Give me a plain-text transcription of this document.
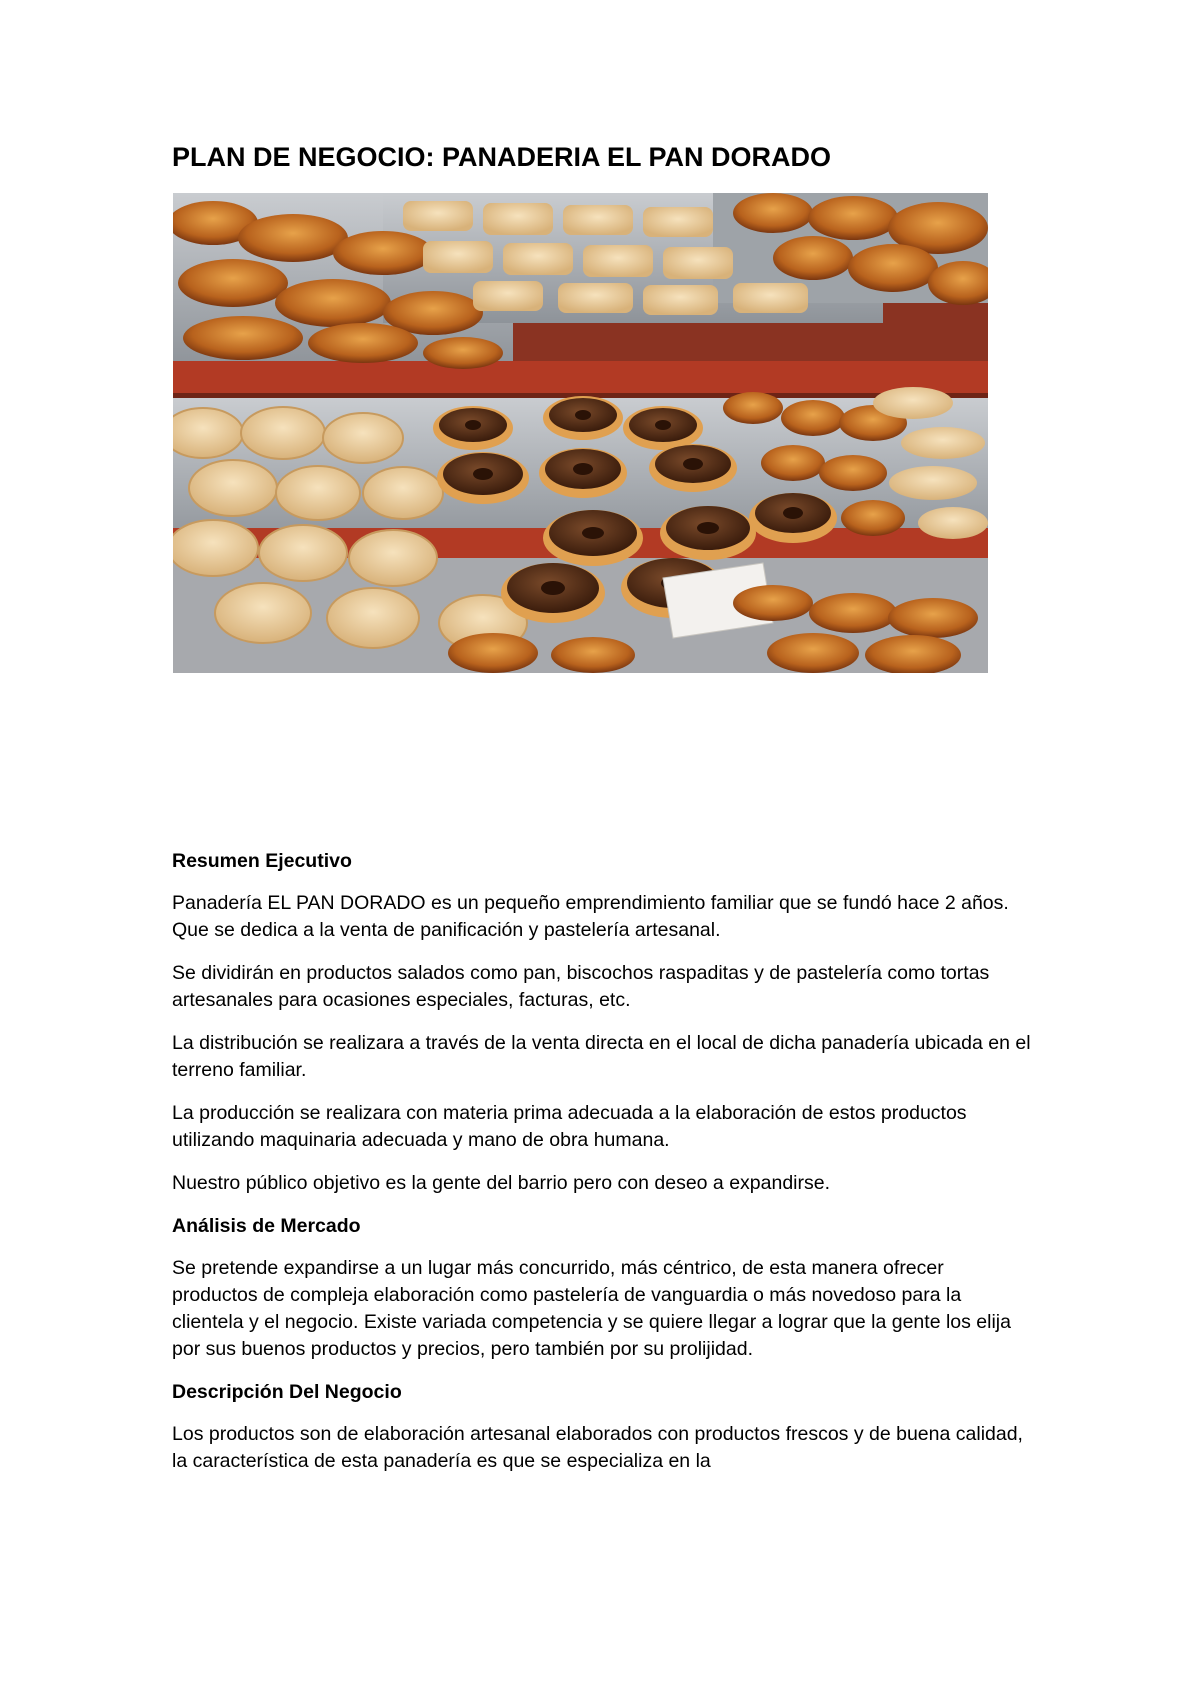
PLAN DE NEGOCIO: PANADERIA EL PAN DORADO
Resumen Ejecutivo

Panadería EL PAN DORADO es un pequeño emprendimiento familiar que se fundó hace 2 años. Que se dedica a la venta de panificación y pastelería artesanal.

Se dividirán en productos salados como pan, biscochos raspaditas y de pastelería como tortas artesanales para ocasiones especiales, facturas, etc.

La distribución se realizara a través de la venta directa en el local de dicha panadería ubicada en el terreno familiar.

La producción se realizara con materia prima adecuada a la elaboración de estos productos utilizando maquinaria adecuada y mano de obra humana.

Nuestro público objetivo es la gente del barrio pero con deseo a expandirse.

Análisis de Mercado

Se pretende expandirse a un lugar más concurrido, más céntrico, de esta manera ofrecer productos de compleja elaboración como pastelería de vanguardia o más novedoso para la clientela y el negocio. Existe variada competencia y se quiere llegar a lograr que la gente los elija por sus buenos productos y precios, pero también por su prolijidad.

Descripción Del Negocio

Los productos son de elaboración artesanal elaborados con productos frescos y de buena calidad, la característica de esta panadería es que se especializa en la
